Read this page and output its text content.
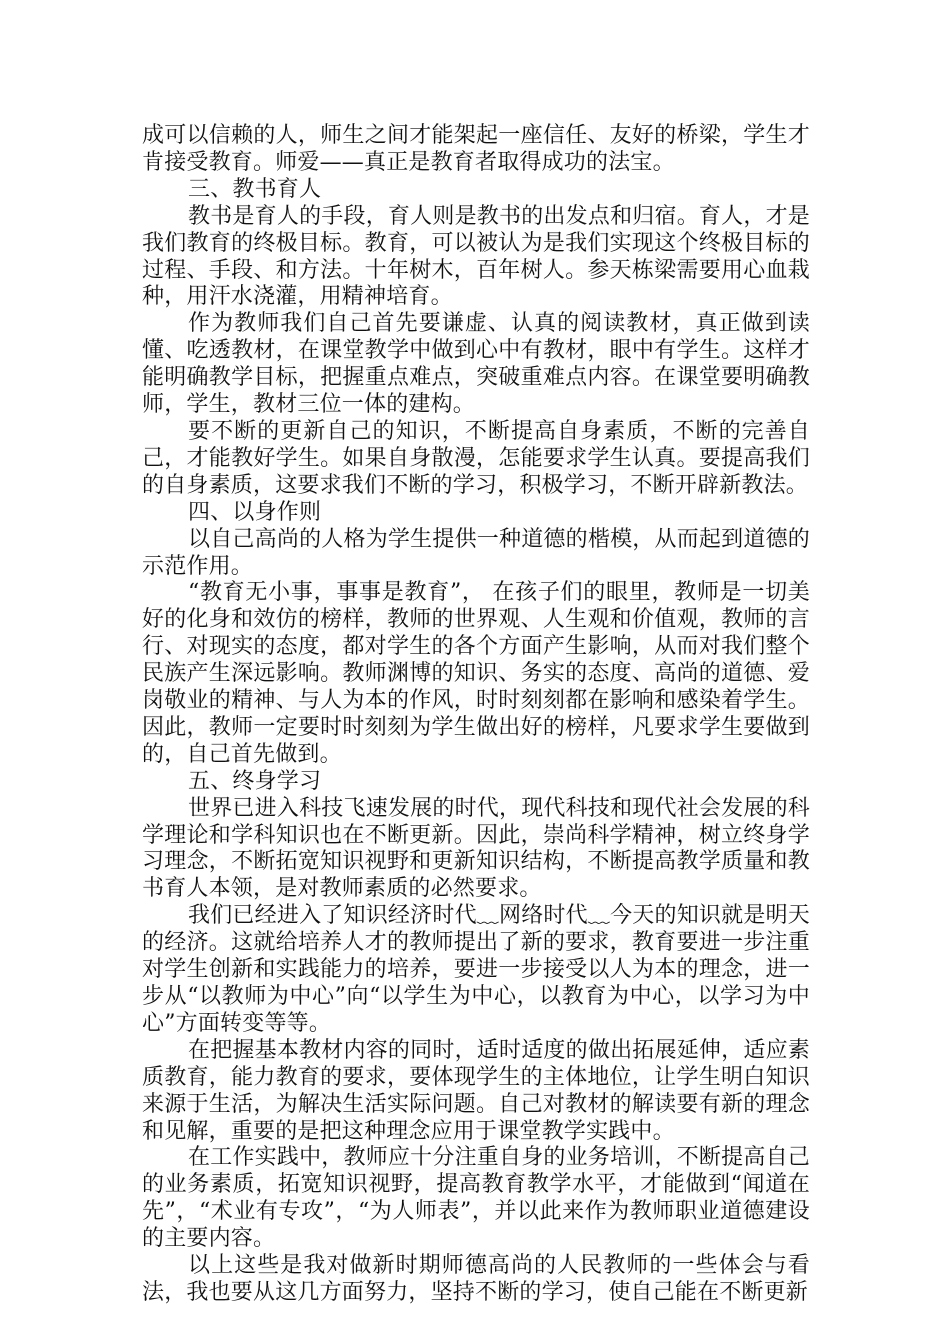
成可以信赖的人，师生之间才能架起一座信任、友好的桥梁，学生才肯接受教育。师爱——真正是教育者取得成功的法宝。

三、教书育人

教书是育人的手段，育人则是教书的出发点和归宿。育人，才是我们教育的终极目标。教育，可以被认为是我们实现这个终极目标的过程、手段、和方法。十年树木，百年树人。参天栋梁需要用心血栽种，用汗水浇灌，用精神培育。

作为教师我们自己首先要谦虚、认真的阅读教材，真正做到读懂、吃透教材，在课堂教学中做到心中有教材，眼中有学生。这样才能明确教学目标，把握重点难点，突破重难点内容。在课堂要明确教师，学生，教材三位一体的建构。

要不断的更新自己的知识，不断提高自身素质，不断的完善自己，才能教好学生。如果自身散漫，怎能要求学生认真。要提高我们的自身素质，这要求我们不断的学习，积极学习，不断开辟新教法。

四、以身作则

以自己高尚的人格为学生提供一种道德的楷模，从而起到道德的示范作用。

“教育无小事，事事是教育”， 在孩子们的眼里，教师是一切美好的化身和效仿的榜样，教师的世界观、人生观和价值观，教师的言行、对现实的态度，都对学生的各个方面产生影响，从而对我们整个民族产生深远影响。教师渊博的知识、务实的态度、高尚的道德、爱岗敬业的精神、与人为本的作风，时时刻刻都在影响和感染着学生。因此，教师一定要时时刻刻为学生做出好的榜样，凡要求学生要做到的，自己首先做到。

五、终身学习

世界已进入科技飞速发展的时代，现代科技和现代社会发展的科学理论和学科知识也在不断更新。因此，崇尚科学精神，树立终身学习理念，不断拓宽知识视野和更新知识结构，不断提高教学质量和教书育人本领，是对教师素质的必然要求。

我们已经进入了知识经济时代﹏网络时代﹏今天的知识就是明天的经济。这就给培养人才的教师提出了新的要求，教育要进一步注重对学生创新和实践能力的培养，要进一步接受以人为本的理念，进一步从“以教师为中心”向“以学生为中心，以教育为中心，以学习为中心”方面转变等等。

在把握基本教材内容的同时，适时适度的做出拓展延伸，适应素质教育，能力教育的要求，要体现学生的主体地位，让学生明白知识来源于生活，为解决生活实际问题。自己对教材的解读要有新的理念和见解，重要的是把这种理念应用于课堂教学实践中。

在工作实践中，教师应十分注重自身的业务培训，不断提高自己的业务素质，拓宽知识视野，提高教育教学水平，才能做到“闻道在先”，“术业有专攻”，“为人师表”，并以此来作为教师职业道德建设的主要内容。

以上这些是我对做新时期师德高尚的人民教师的一些体会与看法，我也要从这几方面努力，坚持不断的学习，使自己能在不断更新
